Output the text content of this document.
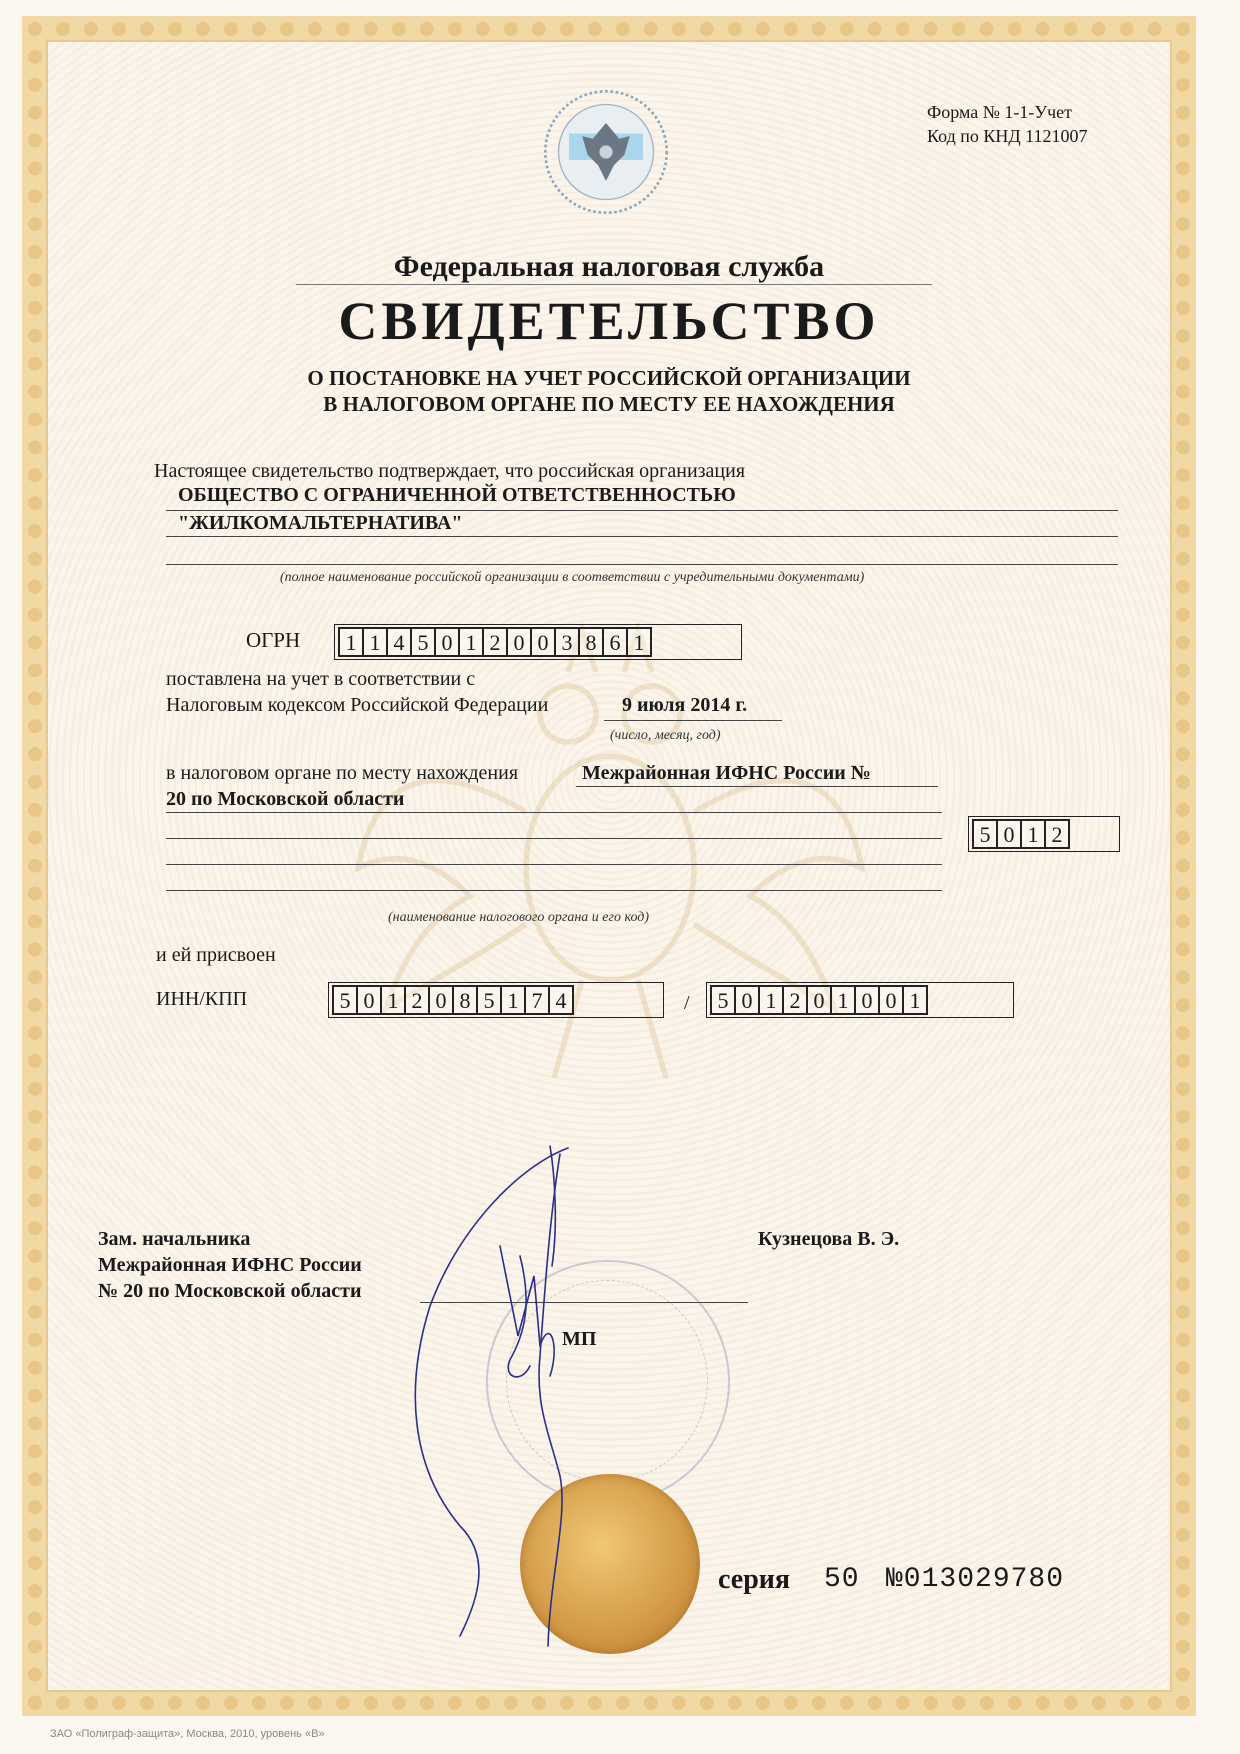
Форма № 1-1-Учет
Код по КНД 1121007
Федеральная налоговая служба
СВИДЕТЕЛЬСТВО
О ПОСТАНОВКЕ НА УЧЕТ РОССИЙСКОЙ ОРГАНИЗАЦИИ
В НАЛОГОВОМ ОРГАНЕ ПО МЕСТУ ЕЕ НАХОЖДЕНИЯ
Настоящее свидетельство подтверждает, что российская организация
ОБЩЕСТВО С ОГРАНИЧЕННОЙ ОТВЕТСТВЕННОСТЬЮ
"ЖИЛКОМАЛЬТЕРНАТИВА"
(полное наименование российской организации в соответствии с учредительными документами)
ОГРН	1 1 4 5 0 1 2 0 0 3 8 6 1
поставлена на учет в соответствии с
Налоговым кодексом Российской Федерации	9 июля 2014 г.
(число, месяц, год)
в налоговом органе по месту нахождения	Межрайонная ИФНС России №
20 по Московской области
5 0 1 2
(наименование налогового органа и его код)
и ей присвоен
ИНН/КПП	5 0 1 2 0 8 5 1 7 4	/	5 0 1 2 0 1 0 0 1
Зам. начальника
Межрайонная ИФНС России
№ 20 по Московской области
Кузнецова В. Э.
МП
серия 50 №013029780
ЗАО «Полиграф-защита», Москва, 2010, уровень «В»
